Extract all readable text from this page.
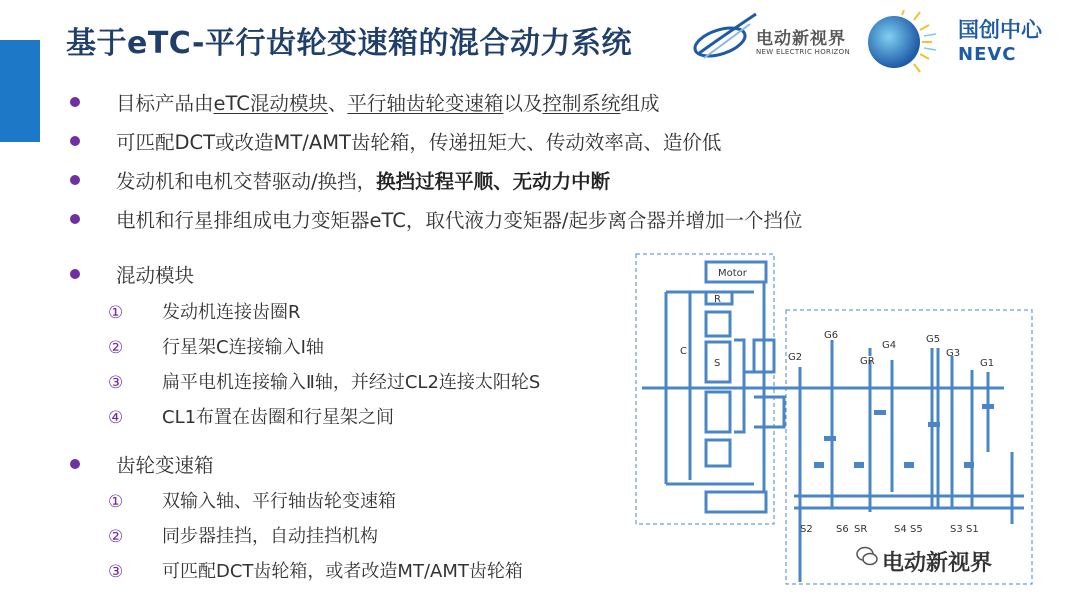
基于eTC-平行齿轮变速箱的混合动力系统	电动新视界
NEW ELECTRIC HORIZON
国创中心
NEVC
目标产品由eTC混动模块、平行轴齿轮变速箱以及控制系统组成
可匹配DCT或改造MT/AMT齿轮箱，传递扭矩大、传动效率高、造价低
发动机和电机交替驱动/换挡，换挡过程平顺、无动力中断
电机和行星排组成电力变矩器eTC，取代液力变矩器/起步离合器并增加一个挡位
混动模块
① 发动机连接齿圈R
② 行星架C连接输入Ⅰ轴
③ 扁平电机连接输入Ⅱ轴，并经过CL2连接太阳轮S
④ CL1布置在齿圈和行星架之间
齿轮变速箱
① 双输入轴、平行轴齿轮变速箱
② 同步器挂挡，自动挂挡机构
③ 可匹配DCT齿轮箱，或者改造MT/AMT齿轮箱
Motor
R
C
S
G2
G6
GR
G4
G5
G3
G1
S2 S6 SR	S4 S5	S3 S1
电动新视界
